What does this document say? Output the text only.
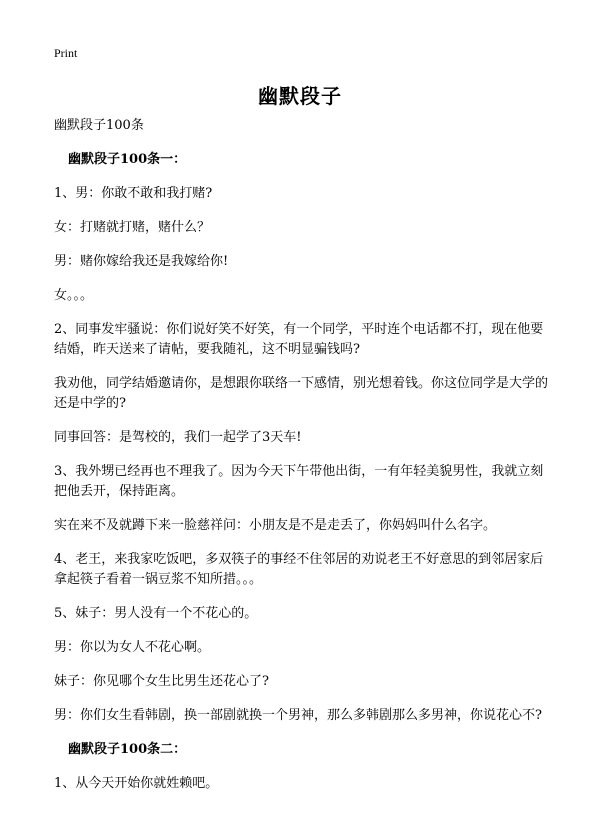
Print
幽默段子

幽默段子100条

幽默段子100条一：

1、男：你敢不敢和我打赌?

女：打赌就打赌，赌什么？

男：赌你嫁给我还是我嫁给你!

女。。。

2、同事发牢骚说：你们说好笑不好笑，有一个同学，平时连个电话都不打，现在他要结婚，昨天送来了请帖，要我随礼，这不明显骗钱吗?

我劝他，同学结婚邀请你，是想跟你联络一下感情，别光想着钱。你这位同学是大学的还是中学的?

同事回答：是驾校的，我们一起学了3天车!

3、我外甥已经再也不理我了。因为今天下午带他出街，一有年轻美貌男性，我就立刻把他丢开，保持距离。

实在来不及就蹲下来一脸慈祥问：小朋友是不是走丢了，你妈妈叫什么名字。

4、老王，来我家吃饭吧，多双筷子的事经不住邻居的劝说老王不好意思的到邻居家后拿起筷子看着一锅豆浆不知所措。。。

5、妹子：男人没有一个不花心的。

男：你以为女人不花心啊。

妹子：你见哪个女生比男生还花心了?

男：你们女生看韩剧，换一部剧就换一个男神，那么多韩剧那么多男神，你说花心不?

幽默段子100条二：

1、从今天开始你就姓赖吧。
